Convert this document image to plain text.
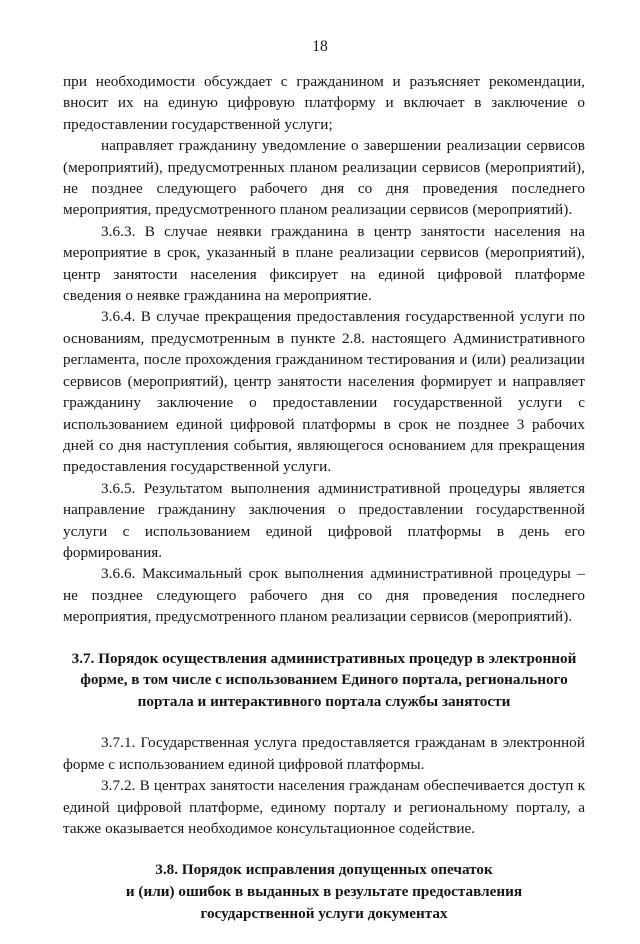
18

при необходимости обсуждает с гражданином и разъясняет рекомендации, вносит их на единую цифровую платформу и включает в заключение о предоставлении государственной услуги;

направляет гражданину уведомление о завершении реализации сервисов (мероприятий), предусмотренных планом реализации сервисов (мероприятий), не позднее следующего рабочего дня со дня проведения последнего мероприятия, предусмотренного планом реализации сервисов (мероприятий).

3.6.3. В случае неявки гражданина в центр занятости населения на мероприятие в срок, указанный в плане реализации сервисов (мероприятий), центр занятости населения фиксирует на единой цифровой платформе сведения о неявке гражданина на мероприятие.

3.6.4. В случае прекращения предоставления государственной услуги по основаниям, предусмотренным в пункте 2.8. настоящего Административного регламента, после прохождения гражданином тестирования и (или) реализации сервисов (мероприятий), центр занятости населения формирует и направляет гражданину заключение о предоставлении государственной услуги с использованием единой цифровой платформы в срок не позднее 3 рабочих дней со дня наступления события, являющегося основанием для прекращения предоставления государственной услуги.

3.6.5. Результатом выполнения административной процедуры является направление гражданину заключения о предоставлении государственной услуги с использованием единой цифровой платформы в день его формирования.

3.6.6. Максимальный срок выполнения административной процедуры – не позднее следующего рабочего дня со дня проведения последнего мероприятия, предусмотренного планом реализации сервисов (мероприятий).

3.7. Порядок осуществления административных процедур в электронной
форме, в том числе с использованием Единого портала, регионального
портала и интерактивного портала службы занятости

3.7.1. Государственная услуга предоставляется гражданам в электронной форме с использованием единой цифровой платформы.

3.7.2. В центрах занятости населения гражданам обеспечивается доступ к единой цифровой платформе, единому порталу и региональному порталу, а также оказывается необходимое консультационное содействие.

3.8. Порядок исправления допущенных опечаток
и (или) ошибок в выданных в результате предоставления
государственной услуги документах
